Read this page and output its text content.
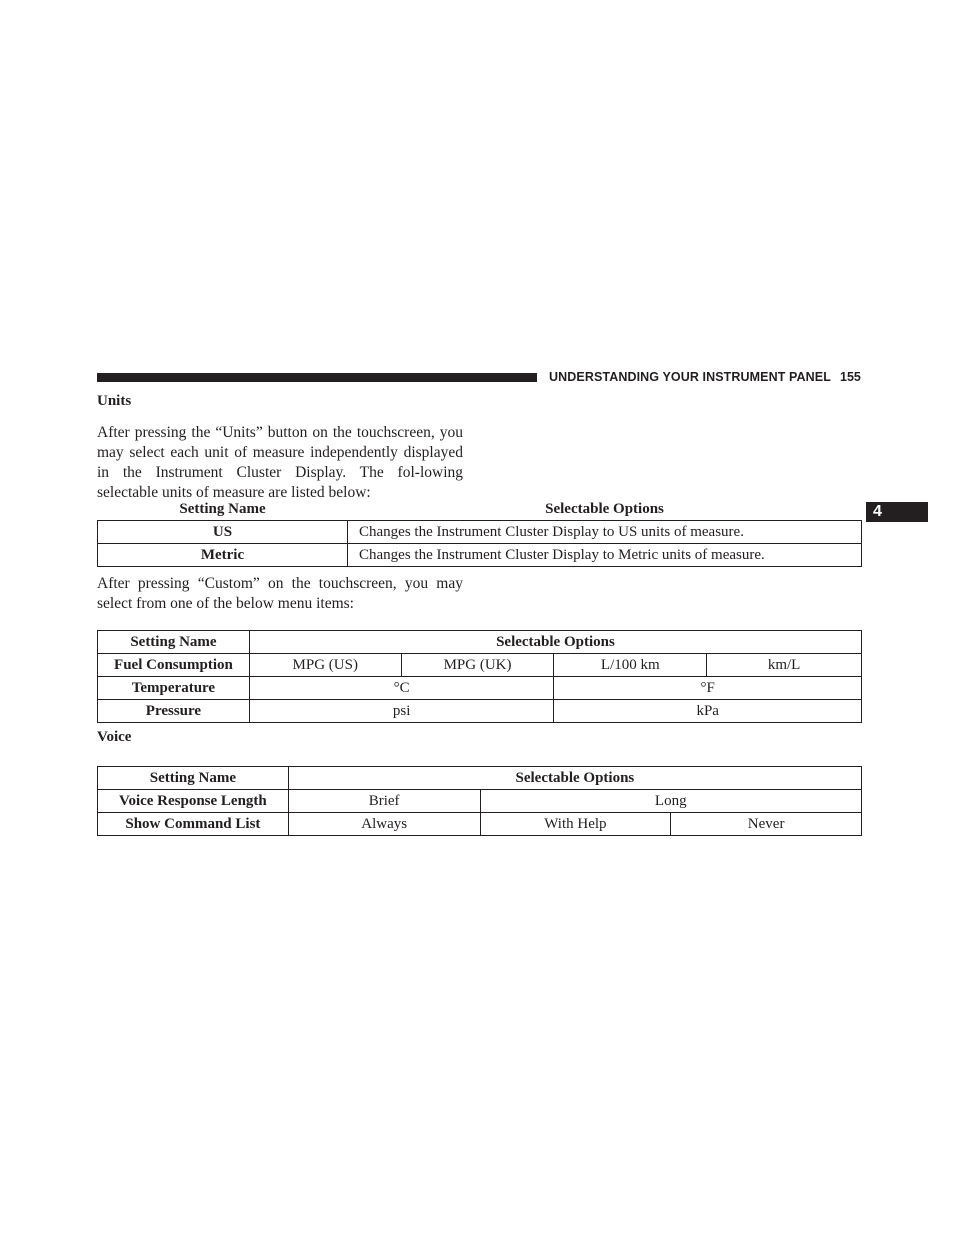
UNDERSTANDING YOUR INSTRUMENT PANEL 155
4
Units
After pressing the “Units” button on the touchscreen, you may select each unit of measure independently displayed in the Instrument Cluster Display. The fol-lowing selectable units of measure are listed below:
Setting Name	Selectable Options
US	Changes the Instrument Cluster Display to US units of measure.
Metric	Changes the Instrument Cluster Display to Metric units of measure.
After pressing “Custom” on the touchscreen, you may select from one of the below menu items:
Setting Name	Selectable Options			
Fuel Consumption	MPG (US)	MPG (UK)	L/100 km	km/L
Temperature	°C		°F	
Pressure	psi		kPa	
Voice
Setting Name	Selectable Options		
Voice Response Length	Brief	Long	
Show Command List	Always	With Help	Never
